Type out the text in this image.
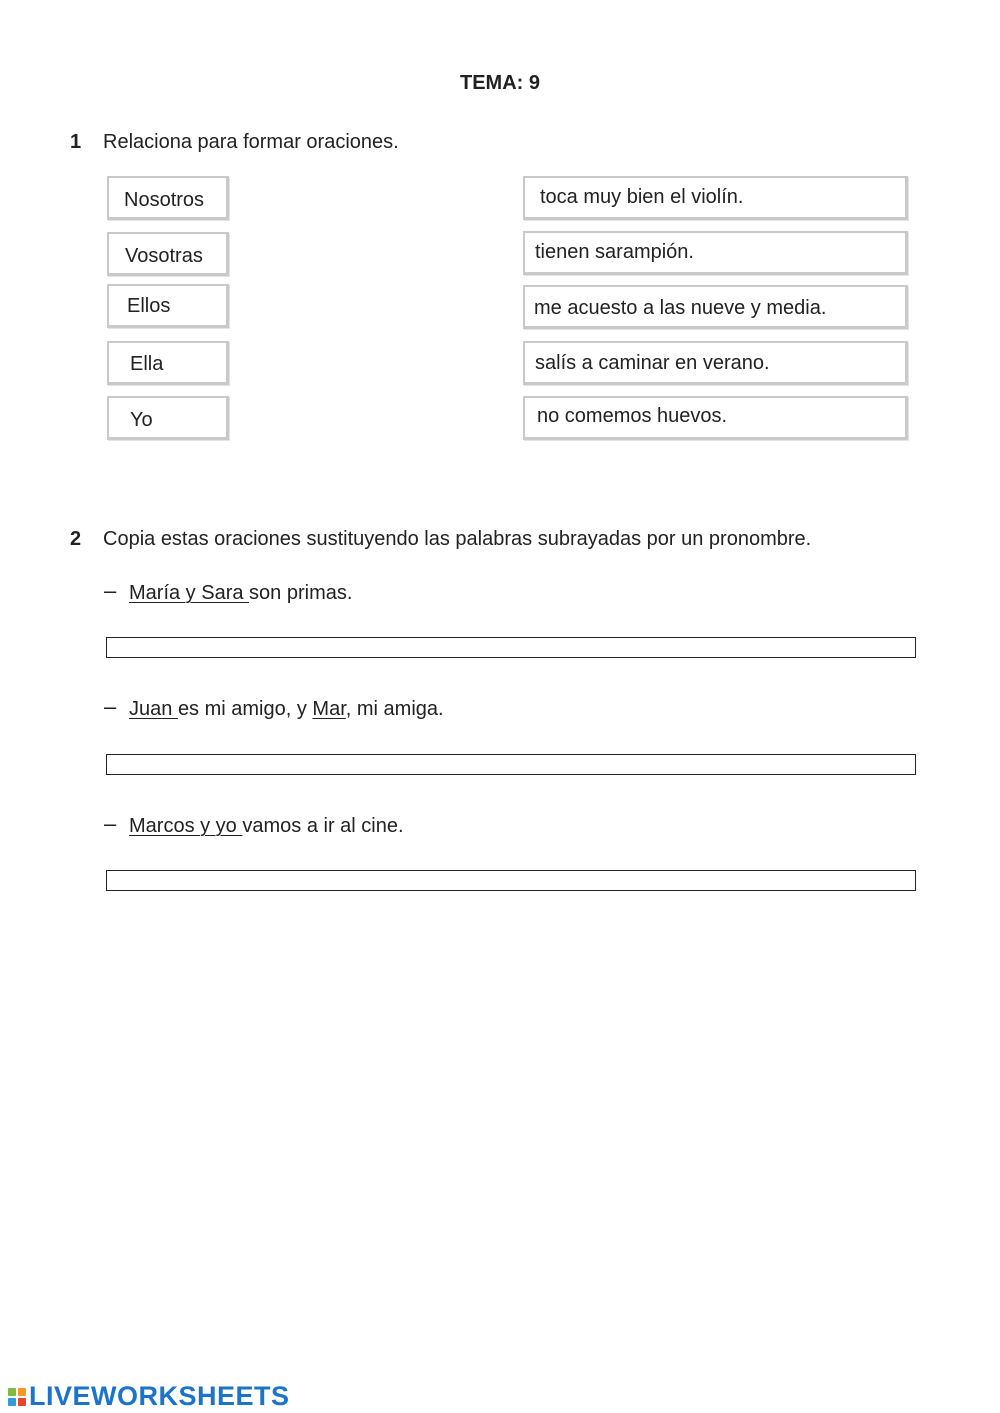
TEMA: 9
1 Relaciona para formar oraciones.
Nosotros
Vosotras
Ellos
Ella
Yo
toca muy bien el violín.
tienen sarampión.
me acuesto a las nueve y media.
salís a caminar en verano.
no comemos huevos.
2 Copia estas oraciones sustituyendo las palabras subrayadas por un pronombre.
– María y Sara son primas.
– Juan es mi amigo, y Mar, mi amiga.
– Marcos y yo vamos a ir al cine.
LIVEWORKSHEETS
